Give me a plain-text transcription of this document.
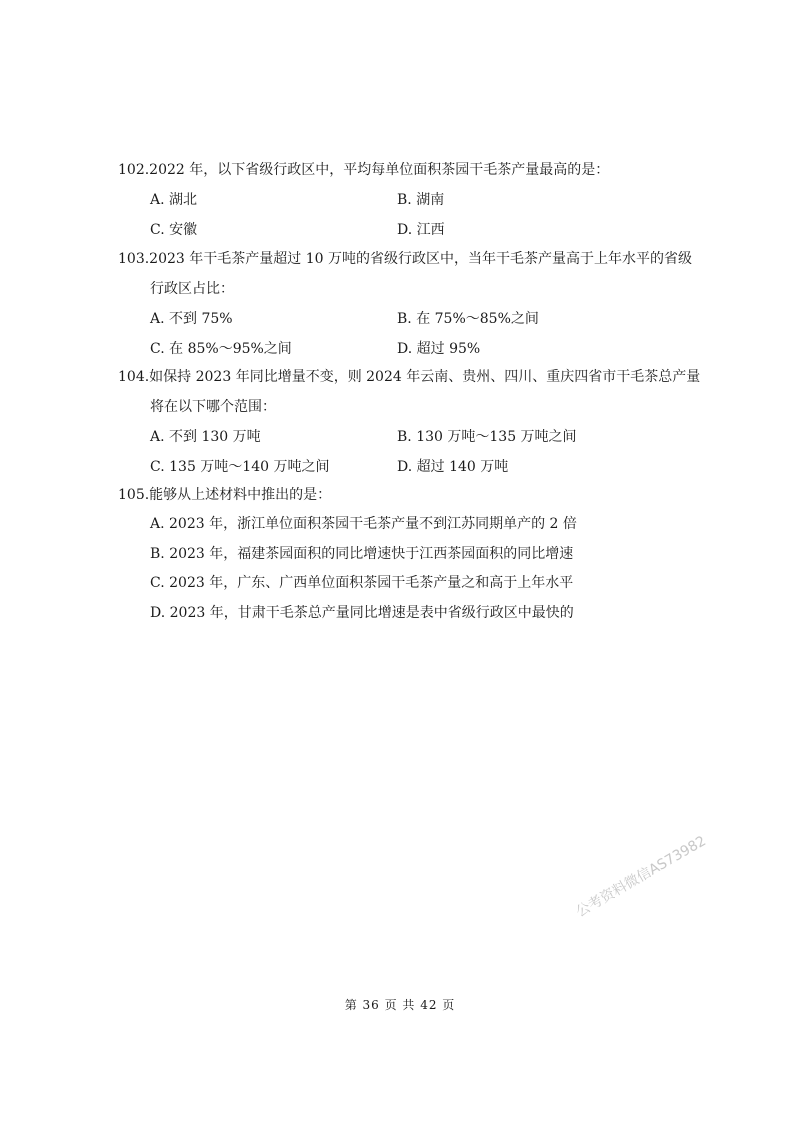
102.2022 年，以下省级行政区中，平均每单位面积茶园干毛茶产量最高的是：
A. 湖北	B. 湖南
C. 安徽	D. 江西
103.2023 年干毛茶产量超过 10 万吨的省级行政区中，当年干毛茶产量高于上年水平的省级
行政区占比：
A. 不到 75%	B. 在 75%～85%之间
C. 在 85%～95%之间	D. 超过 95%
104.如保持 2023 年同比增量不变，则 2024 年云南、贵州、四川、重庆四省市干毛茶总产量
将在以下哪个范围：
A. 不到 130 万吨	B. 130 万吨～135 万吨之间
C. 135 万吨～140 万吨之间	D. 超过 140 万吨
105.能够从上述材料中推出的是：
A. 2023 年，浙江单位面积茶园干毛茶产量不到江苏同期单产的 2 倍
B. 2023 年，福建茶园面积的同比增速快于江西茶园面积的同比增速
C. 2023 年，广东、广西单位面积茶园干毛茶产量之和高于上年水平
D. 2023 年，甘肃干毛茶总产量同比增速是表中省级行政区中最快的
公考资料微信AS73982
第 36 页 共 42 页
